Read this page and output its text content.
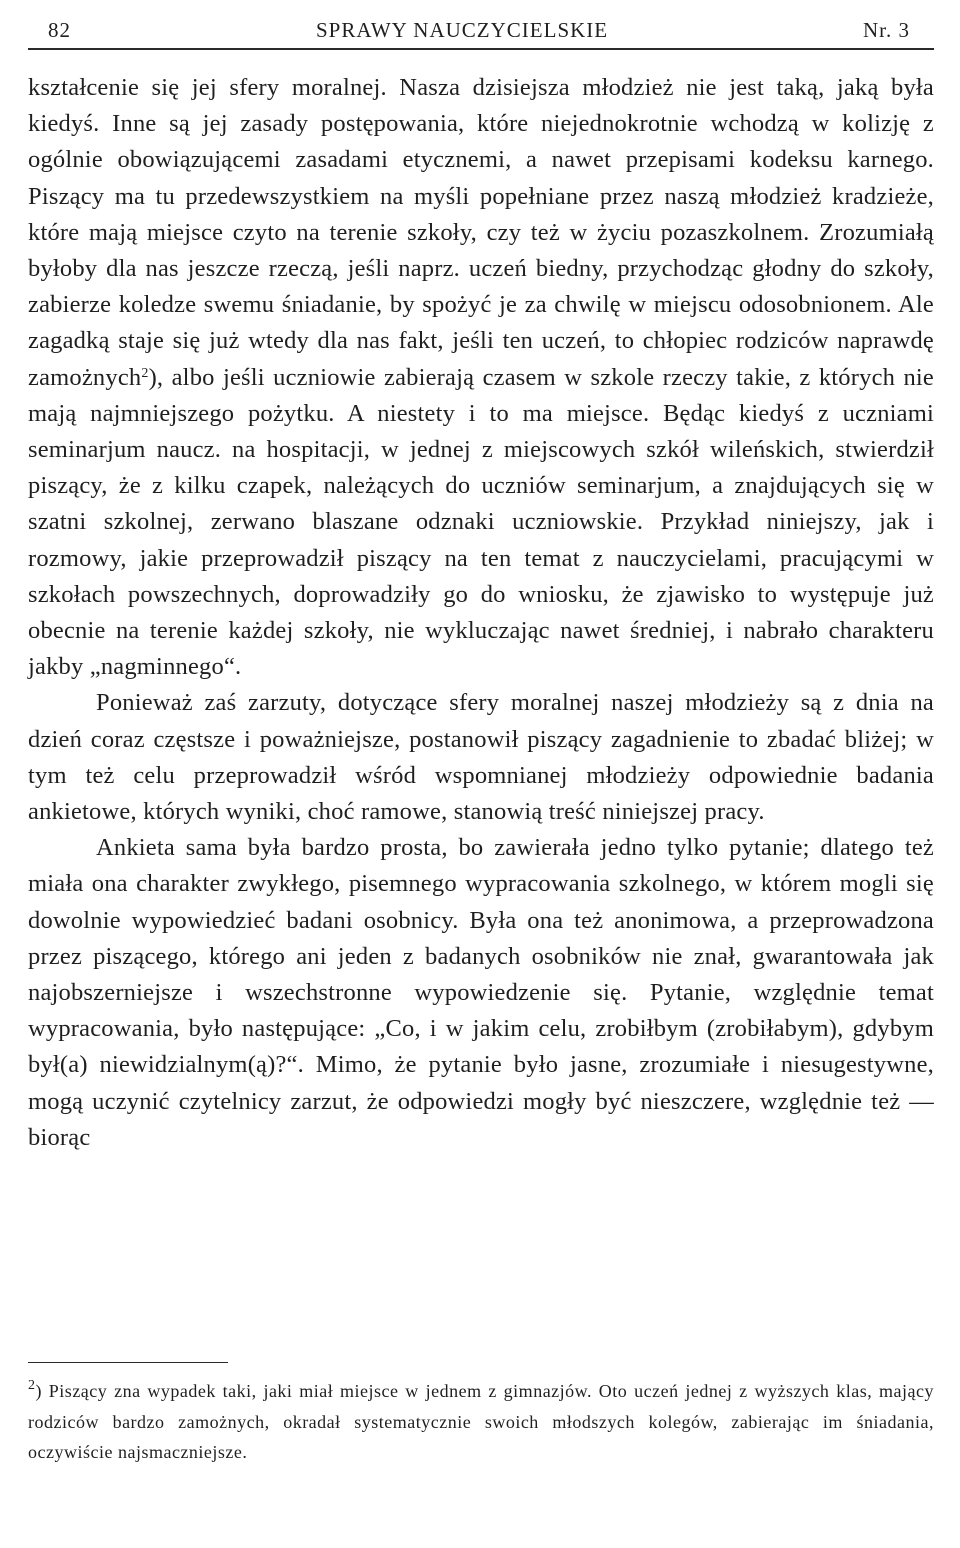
82	SPRAWY NAUCZYCIELSKIE	Nr. 3
kształcenie się jej sfery moralnej. Nasza dzisiejsza młodzież nie jest taką, jaką była kiedyś. Inne są jej zasady postępowania, które niejednokrotnie wchodzą w kolizję z ogólnie obowiązującemi zasadami etycznemi, a nawet przepisami kodeksu karnego. Piszący ma tu przedewszystkiem na myśli popełniane przez naszą młodzież kradzieże, które mają miejsce czyto na terenie szkoły, czy też w życiu pozaszkolnem. Zrozumiałą byłoby dla nas jeszcze rzeczą, jeśli naprz. uczeń biedny, przychodząc głodny do szkoły, zabierze koledze swemu śniadanie, by spożyć je za chwilę w miejscu odosobnionem. Ale zagadką staje się już wtedy dla nas fakt, jeśli ten uczeń, to chłopiec rodziców naprawdę zamożnych$^2$), albo jeśli uczniowie zabierają czasem w szkole rzeczy takie, z których nie mają najmniejszego pożytku. A niestety i to ma miejsce. Będąc kiedyś z uczniami seminarjum naucz. na hospitacji, w jednej z miejscowych szkół wileńskich, stwierdził piszący, że z kilku czapek, należących do uczniów seminarjum, a znajdujących się w szatni szkolnej, zerwano blaszane odznaki uczniowskie. Przykład niniejszy, jak i rozmowy, jakie przeprowadził piszący na ten temat z nauczycielami, pracującymi w szkołach powszechnych, doprowadziły go do wniosku, że zjawisko to występuje już obecnie na terenie każdej szkoły, nie wykluczając nawet średniej, i nabrało charakteru jakby „nagminnego“.
Ponieważ zaś zarzuty, dotyczące sfery moralnej naszej młodzieży są z dnia na dzień coraz częstsze i poważniejsze, postanowił piszący zagadnienie to zbadać bliżej; w tym też celu przeprowadził wśród wspomnianej młodzieży odpowiednie badania ankietowe, których wyniki, choć ramowe, stanowią treść niniejszej pracy.
Ankieta sama była bardzo prosta, bo zawierała jedno tylko pytanie; dlatego też miała ona charakter zwykłego, pisemnego wypracowania szkolnego, w którem mogli się dowolnie wypowiedzieć badani osobnicy. Była ona też anonimowa, a przeprowadzona przez piszącego, którego ani jeden z badanych osobników nie znał, gwarantowała jak najobszerniejsze i wszechstronne wypowiedzenie się. Pytanie, względnie temat wypracowania, było następujące: „Co, i w jakim celu, zrobiłbym (zrobiłabym), gdybym był(a) niewidzialnym(ą)?“. Mimo, że pytanie było jasne, zrozumiałe i niesugestywne, mogą uczynić czytelnicy zarzut, że odpowiedzi mogły być nieszczere, względnie też — biorąc
$^2$) Piszący zna wypadek taki, jaki miał miejsce w jednem z gimnazjów. Oto uczeń jednej z wyższych klas, mający rodziców bardzo zamożnych, okradał systematycznie swoich młodszych kolegów, zabierając im śniadania, oczywiście najsmaczniejsze.
